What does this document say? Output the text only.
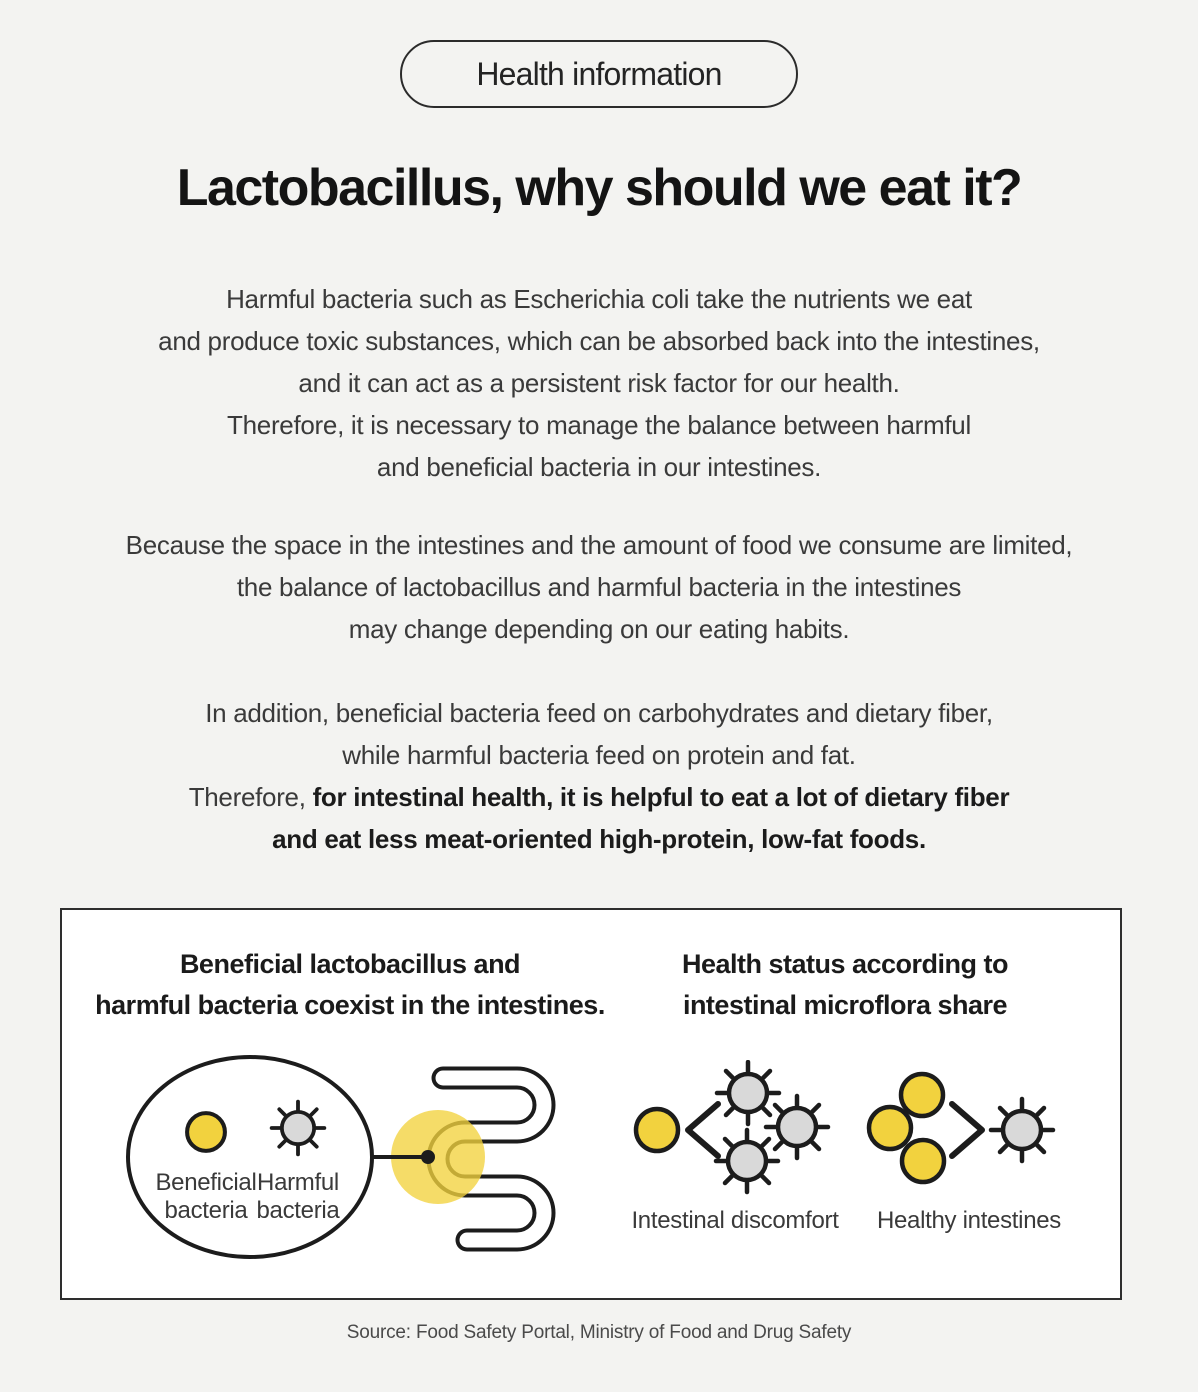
Health information
Lactobacillus, why should we eat it?
Harmful bacteria such as Escherichia coli take the nutrients we eat
and produce toxic substances, which can be absorbed back into the intestines,
and it can act as a persistent risk factor for our health.
Therefore, it is necessary to manage the balance between harmful
and beneficial bacteria in our intestines.
Because the space in the intestines and the amount of food we consume are limited,
the balance of lactobacillus and harmful bacteria in the intestines
may change depending on our eating habits.
In addition, beneficial bacteria feed on carbohydrates and dietary fiber,
while harmful bacteria feed on protein and fat.
Therefore, for intestinal health, it is helpful to eat a lot of dietary fiber
and eat less meat-oriented high-protein, low-fat foods.
Beneficial lactobacillus and
harmful bacteria coexist in the intestines.
Health status according to
intestinal microflora share
Beneficial
bacteria
Harmful
bacteria	Intestinal discomfort Healthy intestines
Source: Food Safety Portal, Ministry of Food and Drug Safety
